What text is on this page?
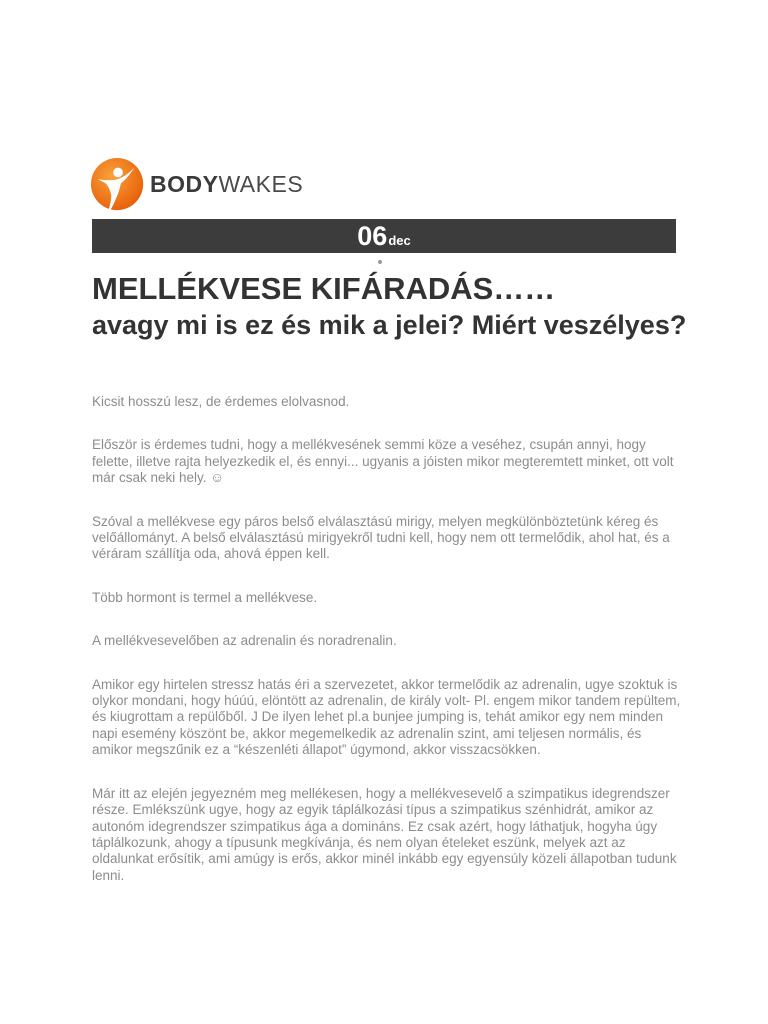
BODYWAKES
06dec
MELLÉKVESE KIFÁRADÁS……
avagy mi is ez és mik a jelei? Miért veszélyes?

Kicsit hosszú lesz, de érdemes elolvasnod.

Először is érdemes tudni, hogy a mellékvesének semmi köze a veséhez, csupán annyi, hogy felette, illetve rajta helyezkedik el, és ennyi... ugyanis a jóisten mikor megteremtett minket, ott volt már csak neki hely. ☺

Szóval a mellékvese egy páros belső elválasztású mirigy, melyen megkülönböztetünk kéreg és velőállományt. A belső elválasztású mirigyekről tudni kell, hogy nem ott termelődik, ahol hat, és a véráram szállítja oda, ahová éppen kell.

Több hormont is termel a mellékvese.

A mellékvesevelőben az adrenalin és noradrenalin.

Amikor egy hirtelen stressz hatás éri a szervezetet, akkor termelődik az adrenalin, ugye szoktuk is olykor mondani, hogy húúú, elöntött az adrenalin, de király volt- Pl. engem mikor tandem repültem, és kiugrottam a repülőből. J De ilyen lehet pl.a bunjee jumping is, tehát amikor egy nem minden napi esemény köszönt be, akkor megemelkedik az adrenalin szint, ami teljesen normális, és amikor megszűnik ez a “készenléti állapot” úgymond, akkor visszacsökken.

Már itt az elején jegyezném meg mellékesen, hogy a mellékvesevelő a szimpatikus idegrendszer része. Emlékszünk ugye, hogy az egyik táplálkozási típus a szimpatikus szénhidrát, amikor az autonóm idegrendszer szimpatikus ága a domináns. Ez csak azért, hogy láthatjuk, hogyha úgy táplálkozunk, ahogy a típusunk megkívánja, és nem olyan ételeket eszünk, melyek azt az oldalunkat erősítik, ami amúgy is erős, akkor minél inkább egy egyensúly közeli állapotban tudunk lenni.
